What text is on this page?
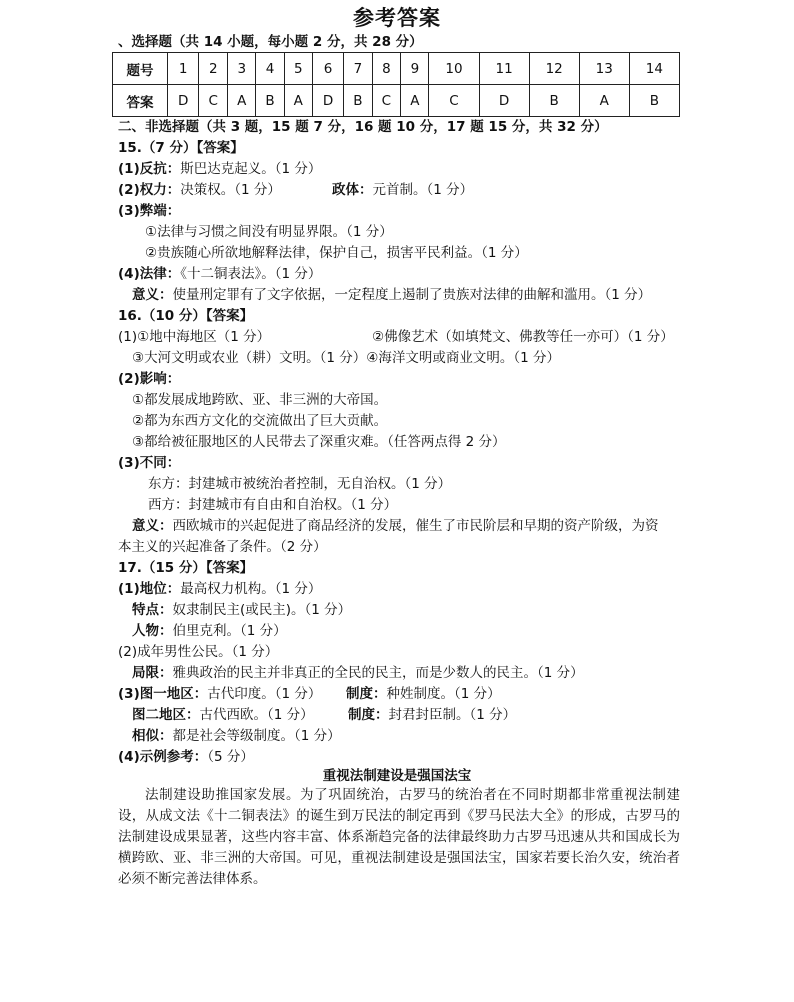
参考答案
、选择题（共 14 小题，每小题 2 分，共 28 分）
题号	1	2	3	4	5	6	7	8	9	10	11	12	13	14
答案	D	C	A	B	A	D	B	C	A	C	D	B	A	B
二、非选择题（共 3 题，15 题 7 分，16 题 10 分，17 题 15 分，共 32 分）
15.（7 分）【答案】
(1)反抗：斯巴达克起义。（1 分）
(2)权力：决策权。（1 分）	政体：元首制。（1 分）
(3)弊端：
①法律与习惯之间没有明显界限。（1 分）
②贵族随心所欲地解释法律，保护自己，损害平民利益。（1 分）
(4)法律：《十二铜表法》。（1 分）
意义：使量刑定罪有了文字依据，一定程度上遏制了贵族对法律的曲解和滥用。（1 分）
16.（10 分）【答案】
(1)①地中海地区（1 分）	②佛像艺术（如填梵文、佛教等任一亦可）（1 分）
③大河文明或农业（耕）文明。（1 分）④海洋文明或商业文明。（1 分）
(2)影响：
①都发展成地跨欧、亚、非三洲的大帝国。
②都为东西方文化的交流做出了巨大贡献。
③都给被征服地区的人民带去了深重灾难。（任答两点得 2 分）
(3)不同：
东方：封建城市被统治者控制，无自治权。（1 分）
西方：封建城市有自由和自治权。（1 分）
意义：西欧城市的兴起促进了商品经济的发展，催生了市民阶层和早期的资产阶级，为资
本主义的兴起准备了条件。（2 分）
17.（15 分）【答案】
(1)地位：最高权力机构。（1 分）
特点：奴隶制民主(或民主)。（1 分）
人物：伯里克利。（1 分）
(2)成年男性公民。（1 分）
局限：雅典政治的民主并非真正的全民的民主，而是少数人的民主。（1 分）
(3)图一地区：古代印度。（1 分） 制度：种姓制度。（1 分）
图二地区：古代西欧。（1 分）	制度：封君封臣制。（1 分）
相似：都是社会等级制度。（1 分）
(4)示例参考：（5 分）
重视法制建设是强国法宝
法制建设助推国家发展。为了巩固统治，古罗马的统治者在不同时期都非常重视法制建设，从成文法《十二铜表法》的诞生到万民法的制定再到《罗马民法大全》的形成，古罗马的法制建设成果显著，这些内容丰富、体系渐趋完备的法律最终助力古罗马迅速从共和国成长为横跨欧、亚、非三洲的大帝国。可见，重视法制建设是强国法宝，国家若要长治久安，统治者必须不断完善法律体系。
